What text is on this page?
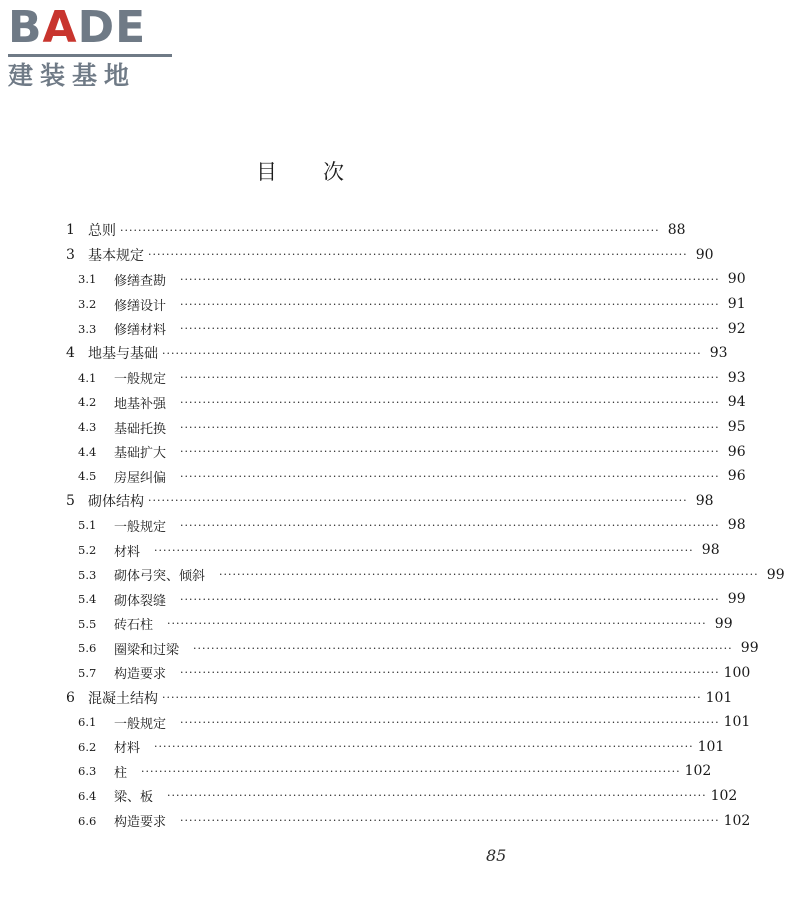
BADE
建装基地
目次
1 总则 ························································································································ 88
3 基本规定 ························································································································ 90
3.1	修缮查勘 ························································································································ 90
3.2	修缮设计 ························································································································ 91
3.3	修缮材料 ························································································································ 92
4 地基与基础 ························································································································ 93
4.1	一般规定 ························································································································ 93
4.2	地基补强 ························································································································ 94
4.3	基础托换 ························································································································ 95
4.4	基础扩大 ························································································································ 96
4.5	房屋纠偏 ························································································································ 96
5 砌体结构 ························································································································ 98
5.1	一般规定 ························································································································ 98
5.2	材料 ························································································································ 98
5.3	砌体弓突、倾斜 ························································································································ 99
5.4	砌体裂缝 ························································································································ 99
5.5	砖石柱 ························································································································ 99
5.6	圈梁和过梁 ························································································································ 99
5.7	构造要求 ························································································································ 100
6 混凝土结构 ························································································································ 101
6.1	一般规定 ························································································································ 101
6.2	材料 ························································································································ 101
6.3	柱 ························································································································ 102
6.4	梁、板 ························································································································ 102
6.6	构造要求 ························································································································ 102
85
